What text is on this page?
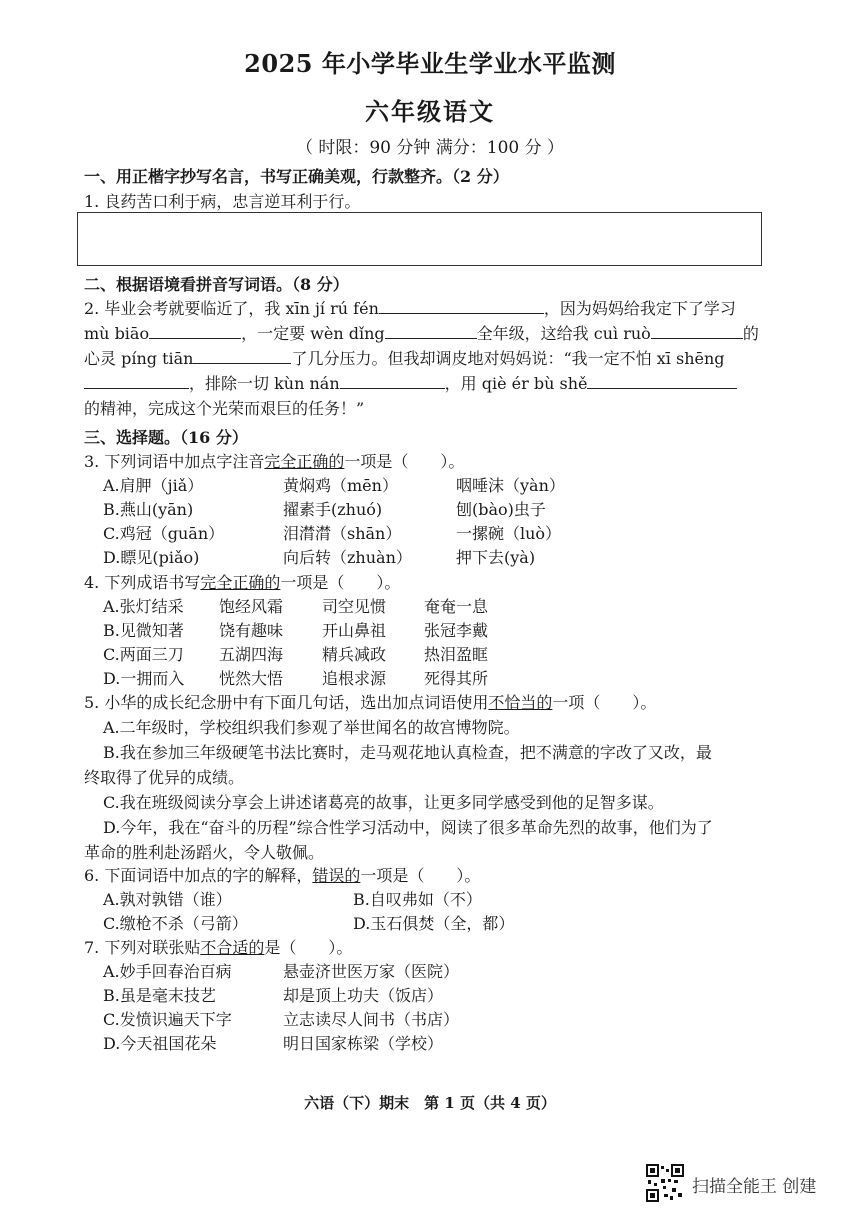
2025 年小学毕业生学业水平监测
六年级语文
（ 时限：90 分钟 满分：100 分 ）
一、用正楷字抄写名言，书写正确美观，行款整齐。（2 分）
1. 良药苦口利于病，忠言逆耳利于行。
二、根据语境看拼音写词语。（8 分）
2. 毕业会考就要临近了，我 xīn jí rú fén	，因为妈妈给我定下了学习
mù biāo	，一定要 wèn dǐng	全年级，这给我 cuì ruò	的
心灵 píng tiān	了几分压力。但我却调皮地对妈妈说：“我一定不怕 xī shēng
，排除一切 kùn nán	，用 qiè ér bù shě
的精神，完成这个光荣而艰巨的任务！”
三、选择题。（16 分）
3. 下列词语中加点字注音完全正确的一项是（　　）。
A.肩胛（jiǎ）	黄焖鸡（mēn）	咽唾沫（yàn）
B.燕山(yān)	擢素手(zhuó)	刨(bào)虫子
C.鸡冠（guān）	泪潸潸（shān）	一摞碗（luò）
D.瞟见(piǎo)	向后转（zhuàn）	押下去(yà)
4. 下列成语书写完全正确的一项是（　　）。
A.张灯结采 饱经风霜 司空见惯 奄奄一息
B.见微知著 饶有趣味 开山鼻祖 张冠李戴
C.两面三刀 五湖四海 精兵减政 热泪盈眶
D.一拥而入 恍然大悟 追根求源 死得其所
5. 小华的成长纪念册中有下面几句话，选出加点词语使用不恰当的一项（　　）。
A.二年级时，学校组织我们参观了举世闻名的故宫博物院。
B.我在参加三年级硬笔书法比赛时，走马观花地认真检查，把不满意的字改了又改，最
终取得了优异的成绩。
C.我在班级阅读分享会上讲述诸葛亮的故事，让更多同学感受到他的足智多谋。
D.今年，我在“奋斗的历程”综合性学习活动中，阅读了很多革命先烈的故事，他们为了
革命的胜利赴汤蹈火，令人敬佩。
6. 下面词语中加点的字的解释，错误的一项是（　　）。
A.孰对孰错（谁）	B.自叹弗如（不）
C.缴枪不杀（弓箭）	D.玉石俱焚（全，都）
7. 下列对联张贴不合适的是（　　）。
A.妙手回春治百病	悬壶济世医万家（医院）
B.虽是毫末技艺	却是顶上功夫（饭店）
C.发愤识遍天下字	立志读尽人间书（书店）
D.今天祖国花朵	明日国家栋梁（学校）
六语（下）期末　第 1 页（共 4 页）
扫描全能王 创建
